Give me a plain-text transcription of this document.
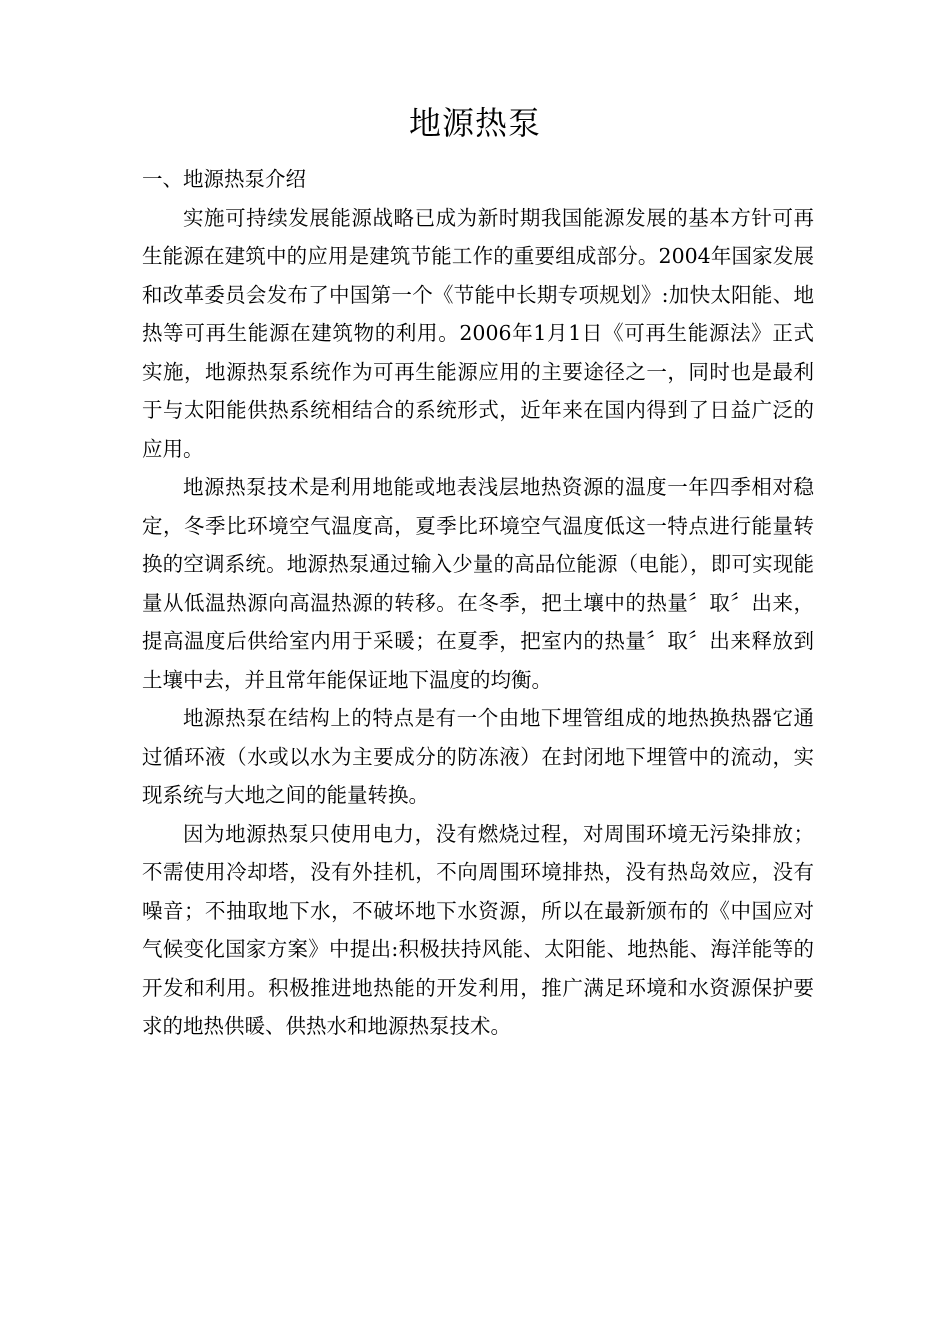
地源热泵
一、地源热泵介绍

实施可持续发展能源战略已成为新时期我国能源发展的基本方针可再生能源在建筑中的应用是建筑节能工作的重要组成部分。2004年国家发展和改革委员会发布了中国第一个《节能中长期专项规划》:加快太阳能、地热等可再生能源在建筑物的利用。2006年1月1日《可再生能源法》正式实施，地源热泵系统作为可再生能源应用的主要途径之一，同时也是最利于与太阳能供热系统相结合的系统形式，近年来在国内得到了日益广泛的应用。

地源热泵技术是利用地能或地表浅层地热资源的温度一年四季相对稳定，冬季比环境空气温度高，夏季比环境空气温度低这一特点进行能量转换的空调系统。地源热泵通过输入少量的高品位能源（电能），即可实现能量从低温热源向高温热源的转移。在冬季，把土壤中的热量〞取〞出来，提高温度后供给室内用于采暖；在夏季，把室内的热量〞取〞出来释放到土壤中去，并且常年能保证地下温度的均衡。

地源热泵在结构上的特点是有一个由地下埋管组成的地热换热器它通过循环液（水或以水为主要成分的防冻液）在封闭地下埋管中的流动，实现系统与大地之间的能量转换。

因为地源热泵只使用电力，没有燃烧过程，对周围环境无污染排放；不需使用冷却塔，没有外挂机，不向周围环境排热，没有热岛效应，没有噪音；不抽取地下水，不破坏地下水资源，所以在最新颁布的《中国应对气候变化国家方案》中提出:积极扶持风能、太阳能、地热能、海洋能等的开发和利用。积极推进地热能的开发利用，推广满足环境和水资源保护要求的地热供暖、供热水和地源热泵技术。
